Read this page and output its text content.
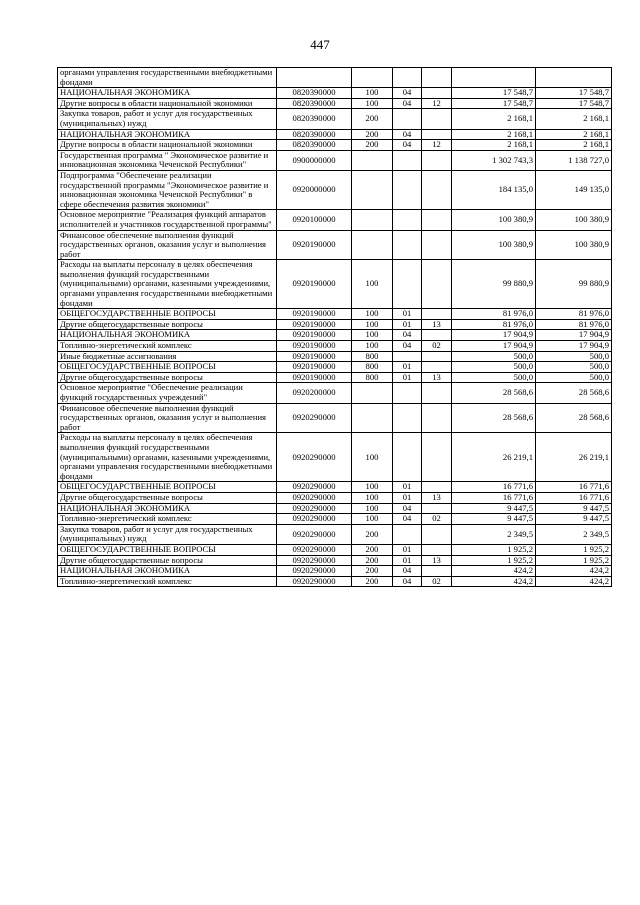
447
органами управления государственными внебюджетными фондами						
НАЦИОНАЛЬНАЯ ЭКОНОМИКА	0820390000	100	04		17 548,7	17 548,7
Другие вопросы в области национальной экономики	0820390000	100	04	12	17 548,7	17 548,7
Закупка товаров, работ и услуг для государственных (муниципальных) нужд	0820390000	200			2 168,1	2 168,1
НАЦИОНАЛЬНАЯ ЭКОНОМИКА	0820390000	200	04		2 168,1	2 168,1
Другие вопросы в области национальной экономики	0820390000	200	04	12	2 168,1	2 168,1
Государственная программа " Экономическое развитие и инновационная экономика Чеченской Республики"	0900000000				1 302 743,3	1 138 727,0
Подпрограмма "Обеспечение реализации государственной программы "Экономическое развитие и инновационная экономика Чеченской Республики" в сфере обеспечения развития экономики"	0920000000				184 135,0	149 135,0
Основное мероприятие "Реализация функций аппаратов исполнителей и участников государственной программы"	0920100000				100 380,9	100 380,9
Финансовое обеспечение выполнения функций государственных органов, оказания услуг и выполнения работ	0920190000				100 380,9	100 380,9
Расходы на выплаты персоналу в целях обеспечения выполнения функций государственными (муниципальными) органами, казенными учреждениями, органами управления государственными внебюджетными фондами	0920190000	100			99 880,9	99 880,9
ОБЩЕГОСУДАРСТВЕННЫЕ ВОПРОСЫ	0920190000	100	01		81 976,0	81 976,0
Другие общегосударственные вопросы	0920190000	100	01	13	81 976,0	81 976,0
НАЦИОНАЛЬНАЯ ЭКОНОМИКА	0920190000	100	04		17 904,9	17 904,9
Топливно-энергетический комплекс	0920190000	100	04	02	17 904,9	17 904,9
Иные бюджетные ассигнования	0920190000	800			500,0	500,0
ОБЩЕГОСУДАРСТВЕННЫЕ ВОПРОСЫ	0920190000	800	01		500,0	500,0
Другие общегосударственные вопросы	0920190000	800	01	13	500,0	500,0
Основное мероприятие "Обеспечение реализации функций государственных учреждений"	0920200000				28 568,6	28 568,6
Финансовое обеспечение выполнения функций государственных органов, оказания услуг и выполнения работ	0920290000				28 568,6	28 568,6
Расходы на выплаты персоналу в целях обеспечения выполнения функций государственными (муниципальными) органами, казенными учреждениями, органами управления государственными внебюджетными фондами	0920290000	100			26 219,1	26 219,1
ОБЩЕГОСУДАРСТВЕННЫЕ ВОПРОСЫ	0920290000	100	01		16 771,6	16 771,6
Другие общегосударственные вопросы	0920290000	100	01	13	16 771,6	16 771,6
НАЦИОНАЛЬНАЯ ЭКОНОМИКА	0920290000	100	04		9 447,5	9 447,5
Топливно-энергетический комплекс	0920290000	100	04	02	9 447,5	9 447,5
Закупка товаров, работ и услуг для государственных (муниципальных) нужд	0920290000	200			2 349,5	2 349,5
ОБЩЕГОСУДАРСТВЕННЫЕ ВОПРОСЫ	0920290000	200	01		1 925,2	1 925,2
Другие общегосударственные вопросы	0920290000	200	01	13	1 925,2	1 925,2
НАЦИОНАЛЬНАЯ ЭКОНОМИКА	0920290000	200	04		424,2	424,2
Топливно-энергетический комплекс	0920290000	200	04	02	424,2	424,2
